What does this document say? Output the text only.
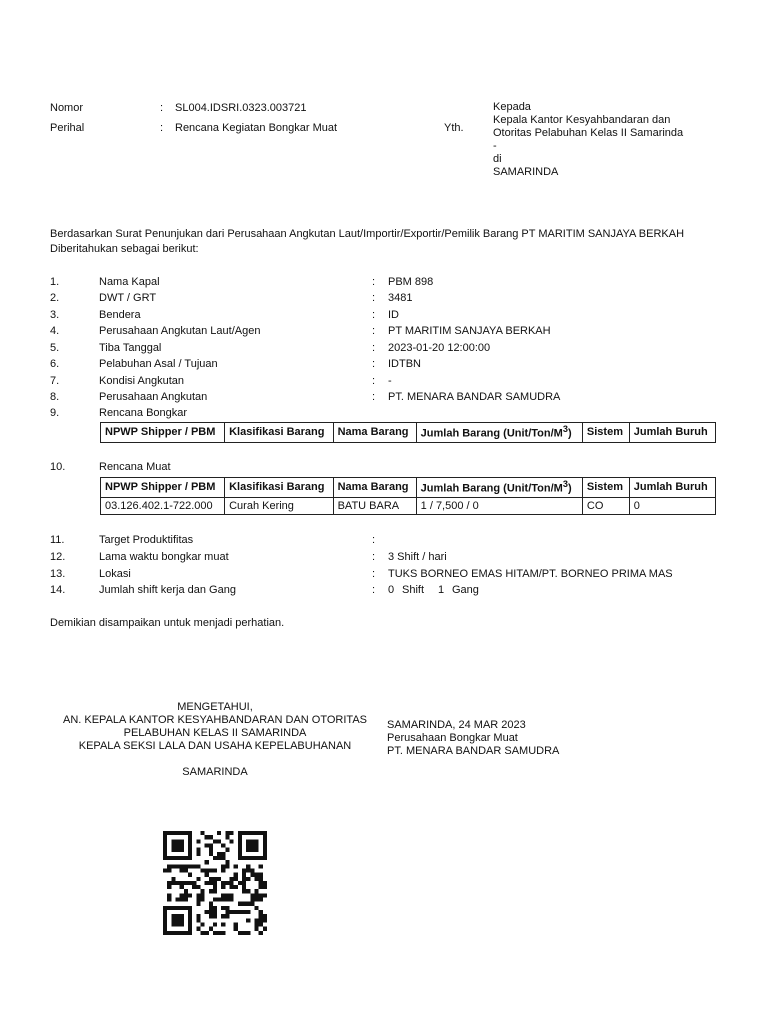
Nomor	: SL004.IDSRI.0323.003721
Perihal	: Rencana Kegiatan Bongkar Muat	Yth.
Kepada
Kepala Kantor Kesyahbandaran dan
Otoritas Pelabuhan Kelas II Samarinda
-
di
SAMARINDA
Berdasarkan Surat Penunjukan dari Perusahaan Angkutan Laut/Importir/Exportir/Pemilik Barang PT MARITIM SANJAYA BERKAH
Diberitahukan sebagai berikut:
1.	Nama Kapal	: PBM 898
2.	DWT / GRT	: 3481
3.	Bendera	: ID
4.	Perusahaan Angkutan Laut/Agen	: PT MARITIM SANJAYA BERKAH
5.	Tiba Tanggal	: 2023-01-20 12:00:00
6.	Pelabuhan Asal / Tujuan	: IDTBN
7.	Kondisi Angkutan	: -
8.	Perusahaan Angkutan	: PT. MENARA BANDAR SAMUDRA
9.	Rencana Bongkar
NPWP Shipper / PBM	Klasifikasi Barang	Nama Barang	Jumlah Barang $(Unit/Ton/M^3)$	Sistem	Jumlah Buruh
10.	Rencana Muat
NPWP Shipper / PBM	Klasifikasi Barang	Nama Barang	Jumlah Barang $(Unit/Ton/M^3)$	Sistem	Jumlah Buruh
03.126.402.1-722.000	Curah Kering	BATU BARA	1 / 7,500 / 0	CO	0
11.	Target Produktifitas	:
12.	Lama waktu bongkar muat	: 3 Shift / hari
13.	Lokasi	: TUKS BORNEO EMAS HITAM/PT. BORNEO PRIMA MAS
14.	Jumlah shift kerja dan Gang	: 0 Shift 1 Gang
Demikian disampaikan untuk menjadi perhatian.
MENGETAHUI,
AN. KEPALA KANTOR KESYAHBANDARAN DAN OTORITAS
PELABUHAN KELAS II SAMARINDA
KEPALA SEKSI LALA DAN USAHA KEPELABUHANAN
SAMARINDA
SAMARINDA, 24 MAR 2023
Perusahaan Bongkar Muat
PT. MENARA BANDAR SAMUDRA
